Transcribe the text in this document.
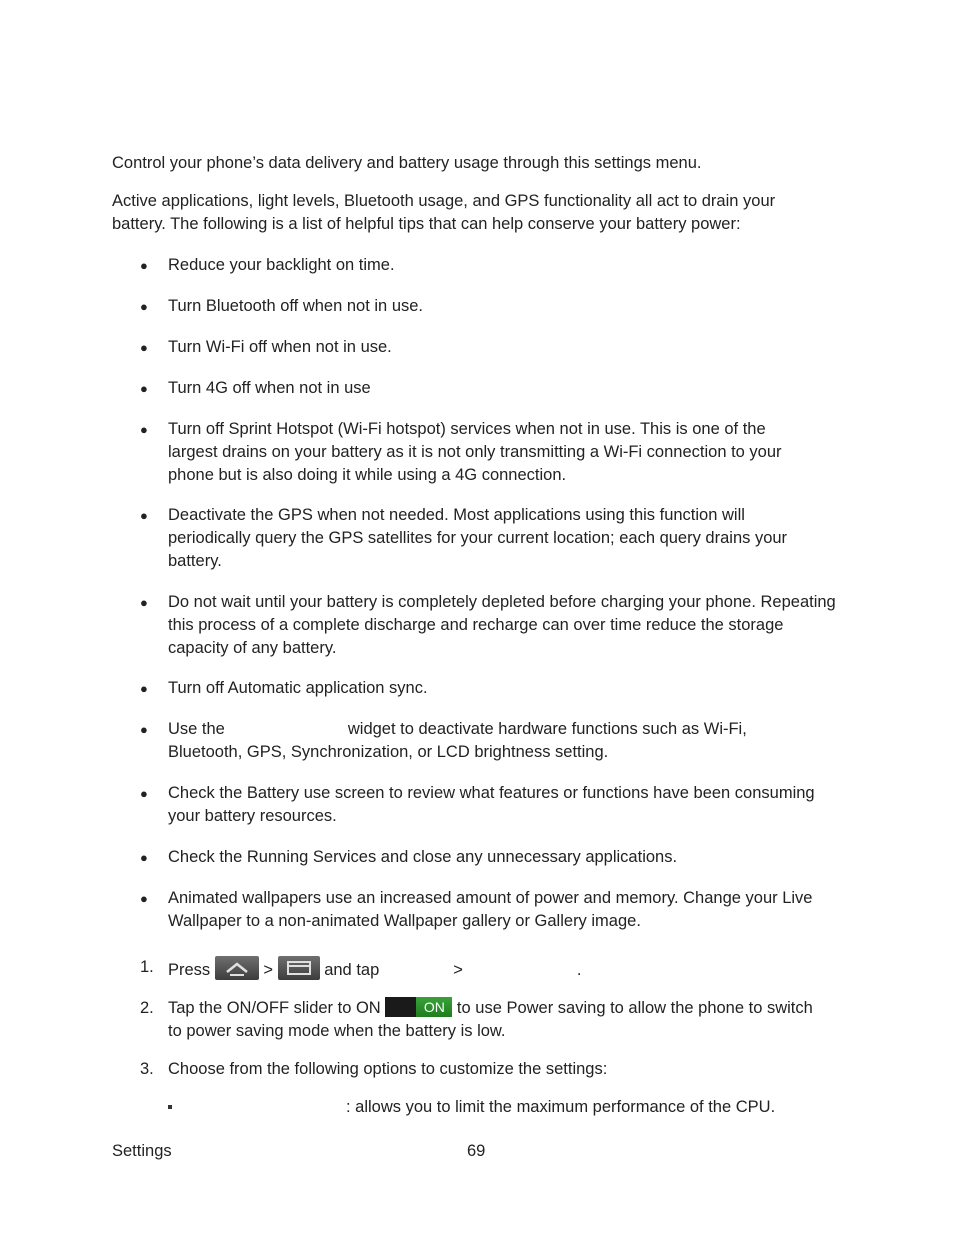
Control your phone’s data delivery and battery usage through this settings menu.

Active applications, light levels, Bluetooth usage, and GPS functionality all act to drain your battery. The following is a list of helpful tips that can help conserve your battery power:

●	Reduce your backlight on time.
●	Turn Bluetooth off when not in use.
●	Turn Wi-Fi off when not in use.
●	Turn 4G off when not in use
●	Turn off Sprint Hotspot (Wi-Fi hotspot) services when not in use. This is one of the largest drains on your battery as it is not only transmitting a Wi-Fi connection to your phone but is also doing it while using a 4G connection.
●	Deactivate the GPS when not needed. Most applications using this function will periodically query the GPS satellites for your current location; each query drains your battery.
●	Do not wait until your battery is completely depleted before charging your phone. Repeating this process of a complete discharge and recharge can over time reduce the storage capacity of any battery.
●	Turn off Automatic application sync.
●	Use the	widget to deactivate hardware functions such as Wi-Fi,
Bluetooth, GPS, Synchronization, or LCD brightness setting.
●	Check the Battery use screen to review what features or functions have been consuming your battery resources.
●	Check the Running Services and close any unnecessary applications.
●	Animated wallpapers use an increased amount of power and memory. Change your Live Wallpaper to a non-animated Wallpaper gallery or Gallery image.
1. Press	>	and tap	>	.
2. Tap the ON/OFF slider to ON	ON to use Power saving to allow the phone to switch
to power saving mode when the battery is low.
3. Choose from the following options to customize the settings:
: allows you to limit the maximum performance of the CPU.
Settings	69
